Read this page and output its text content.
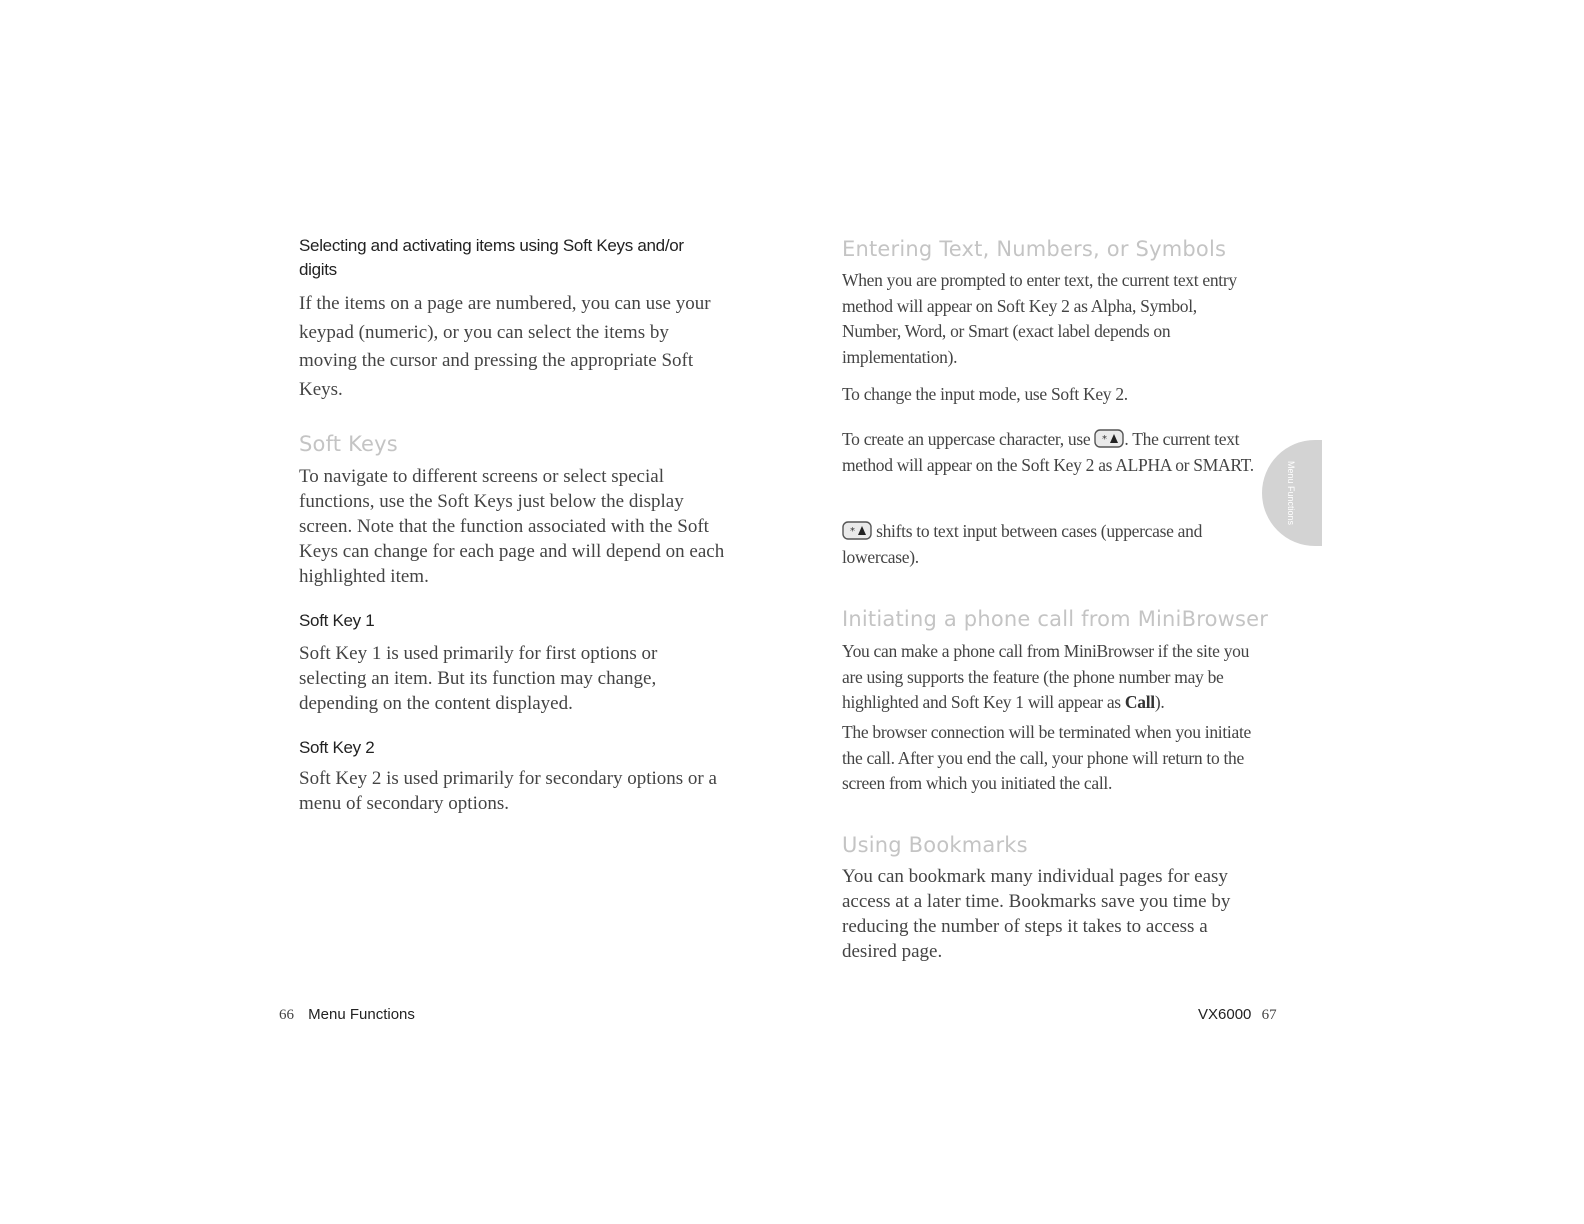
Selecting and activating items using Soft Keys and/or digits

If the items on a page are numbered, you can use your keypad (numeric), or you can select the items by moving the cursor and pressing the appropriate Soft Keys.

Soft Keys

To navigate to different screens or select special functions, use the Soft Keys just below the display screen. Note that the function associated with the Soft Keys can change for each page and will depend on each highlighted item.

Soft Key 1

Soft Key 1 is used primarily for first options or selecting an item. But its function may change, depending on the content displayed.

Soft Key 2

Soft Key 2 is used primarily for secondary options or a menu of secondary options.

Entering Text, Numbers, or Symbols

When you are prompted to enter text, the current text entry method will appear on Soft Key 2 as Alpha, Symbol, Number, Word, or Smart (exact label depends on implementation).

To change the input mode, use Soft Key 2.

To create an uppercase character, use * . The current text method will appear on the Soft Key 2 as ALPHA or SMART.

* shifts to text input between cases (uppercase and lowercase).

Initiating a phone call from MiniBrowser

You can make a phone call from MiniBrowser if the site you are using supports the feature (the phone number may be highlighted and Soft Key 1 will appear as Call).

The browser connection will be terminated when you initiate the call. After you end the call, your phone will return to the screen from which you initiated the call.

Using Bookmarks

You can bookmark many individual pages for easy access at a later time. Bookmarks save you time by reducing the number of steps it takes to access a desired page.

Menu Functions
66 Menu Functions	VX6000 67
